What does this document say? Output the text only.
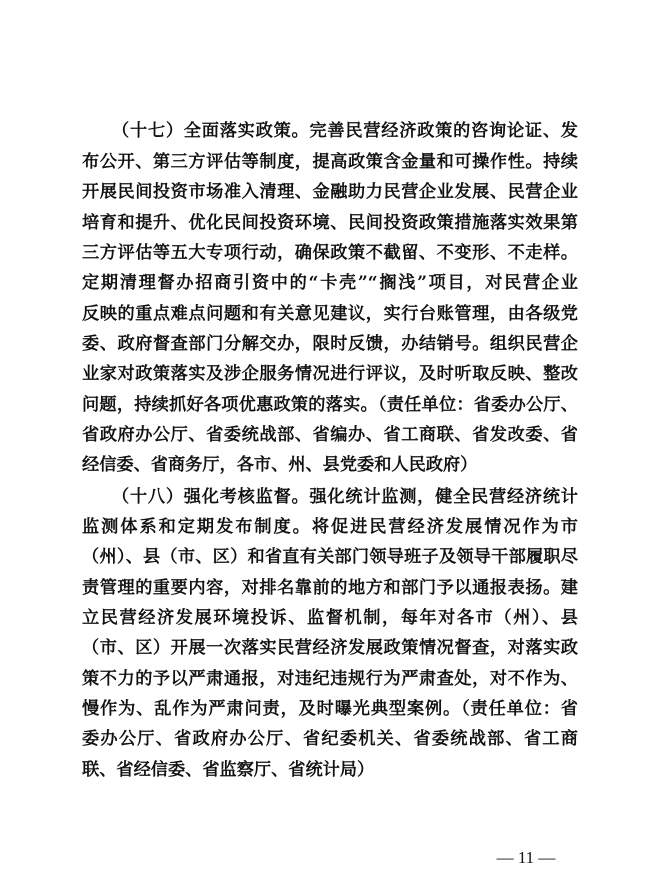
（十七）全面落实政策。完善民营经济政策的咨询论证、发
布公开、第三方评估等制度，提高政策含金量和可操作性。持续
开展民间投资市场准入清理、金融助力民营企业发展、民营企业
培育和提升、优化民间投资环境、民间投资政策措施落实效果第
三方评估等五大专项行动，确保政策不截留、不变形、不走样。
定期清理督办招商引资中的“卡壳”“搁浅”项目，对民营企业
反映的重点难点问题和有关意见建议，实行台账管理，由各级党
委、政府督查部门分解交办，限时反馈，办结销号。组织民营企
业家对政策落实及涉企服务情况进行评议，及时听取反映、整改
问题，持续抓好各项优惠政策的落实。（责任单位：省委办公厅、
省政府办公厅、省委统战部、省编办、省工商联、省发改委、省
经信委、省商务厅，各市、州、县党委和人民政府）
（十八）强化考核监督。强化统计监测，健全民营经济统计
监测体系和定期发布制度。将促进民营经济发展情况作为市
（州）、县（市、区）和省直有关部门领导班子及领导干部履职尽
责管理的重要内容，对排名靠前的地方和部门予以通报表扬。建
立民营经济发展环境投诉、监督机制，每年对各市（州）、县
（市、区）开展一次落实民营经济发展政策情况督查，对落实政
策不力的予以严肃通报，对违纪违规行为严肃查处，对不作为、
慢作为、乱作为严肃问责，及时曝光典型案例。（责任单位：省
委办公厅、省政府办公厅、省纪委机关、省委统战部、省工商
联、省经信委、省监察厅、省统计局）
— 11 —
